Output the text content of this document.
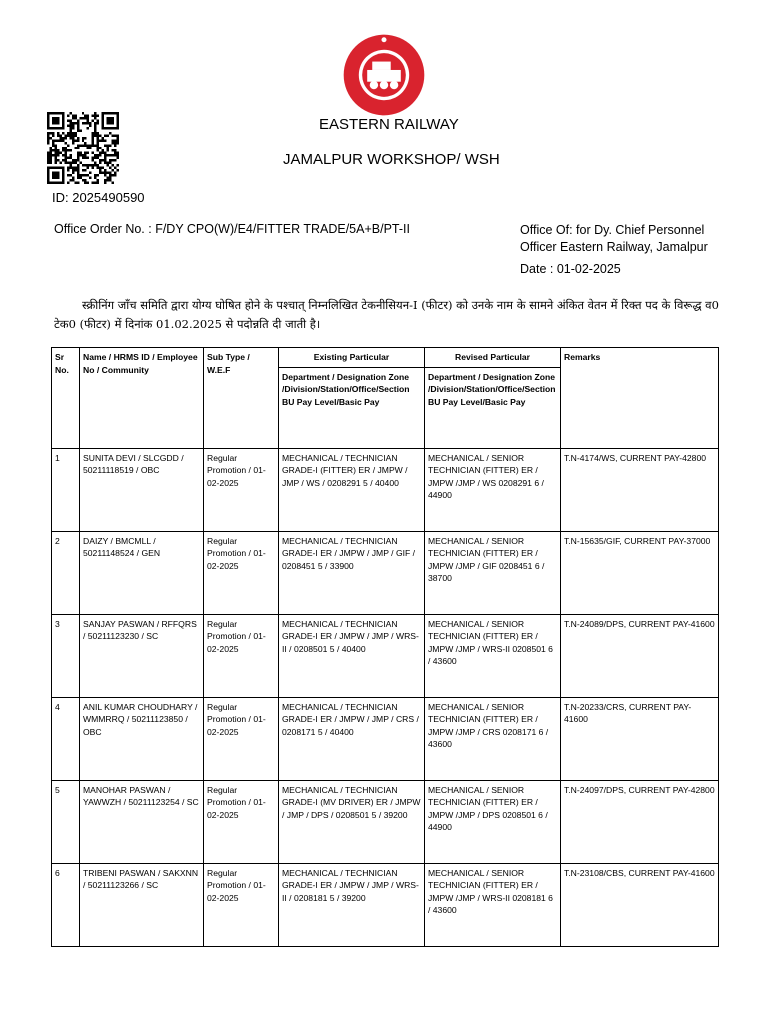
EASTERN RAILWAY
JAMALPUR WORKSHOP/ WSH
ID: 2025490590
Office Order No. : F/DY CPO(W)/E4/FITTER TRADE/5A+B/PT-II	Office Of: for Dy. Chief Personnel
Officer Eastern Railway, Jamalpur
Date : 01-02-2025
स्क्रीनिंग जाँच समिति द्वारा योग्य घोषित होने के पश्चात् निम्नलिखित टेकनीसियन-I (फीटर) को उनके नाम के सामने अंकित वेतन में रिक्त पद के विरूद्ध व0 टेक0 (फीटर) में दिनांक 01.02.2025 से पदोन्नति दी जाती है।
Sr No.	Name / HRMS ID / Employee No / Community	Sub Type / W.E.F	Existing Particular	Revised Particular	Remarks
			Department / Designation Zone /Division/Station/Office/Section BU Pay Level/Basic Pay	Department / Designation Zone /Division/Station/Office/Section BU Pay Level/Basic Pay	
1	SUNITA DEVI / SLCGDD / 50211118519 / OBC	Regular Promotion / 01-02-2025	MECHANICAL / TECHNICIAN GRADE-I (FITTER) ER / JMPW / JMP / WS / 0208291 5 / 40400	MECHANICAL / SENIOR TECHNICIAN (FITTER) ER / JMPW /JMP / WS 0208291 6 / 44900	T.N-4174/WS, CURRENT PAY-42800
2	DAIZY / BMCMLL / 50211148524 / GEN	Regular Promotion / 01-02-2025	MECHANICAL / TECHNICIAN GRADE-I ER / JMPW / JMP / GIF / 0208451 5 / 33900	MECHANICAL / SENIOR TECHNICIAN (FITTER) ER / JMPW /JMP / GIF 0208451 6 / 38700	T.N-15635/GIF, CURRENT PAY-37000
3	SANJAY PASWAN / RFFQRS / 50211123230 / SC	Regular Promotion / 01-02-2025	MECHANICAL / TECHNICIAN GRADE-I ER / JMPW / JMP / WRS-II / 0208501 5 / 40400	MECHANICAL / SENIOR TECHNICIAN (FITTER) ER / JMPW /JMP / WRS-II 0208501 6 / 43600	T.N-24089/DPS, CURRENT PAY-41600
4	ANIL KUMAR CHOUDHARY / WMMRRQ / 50211123850 / OBC	Regular Promotion / 01-02-2025	MECHANICAL / TECHNICIAN GRADE-I ER / JMPW / JMP / CRS / 0208171 5 / 40400	MECHANICAL / SENIOR TECHNICIAN (FITTER) ER / JMPW /JMP / CRS 0208171 6 / 43600	T.N-20233/CRS, CURRENT PAY-41600
5	MANOHAR PASWAN / YAWWZH / 50211123254 / SC	Regular Promotion / 01-02-2025	MECHANICAL / TECHNICIAN GRADE-I (MV DRIVER) ER / JMPW / JMP / DPS / 0208501 5 / 39200	MECHANICAL / SENIOR TECHNICIAN (FITTER) ER / JMPW /JMP / DPS 0208501 6 / 44900	T.N-24097/DPS, CURRENT PAY-42800
6	TRIBENI PASWAN / SAKXNN / 50211123266 / SC	Regular Promotion / 01-02-2025	MECHANICAL / TECHNICIAN GRADE-I ER / JMPW / JMP / WRS-II / 0208181 5 / 39200	MECHANICAL / SENIOR TECHNICIAN (FITTER) ER / JMPW /JMP / WRS-II 0208181 6 / 43600	T.N-23108/CBS, CURRENT PAY-41600
